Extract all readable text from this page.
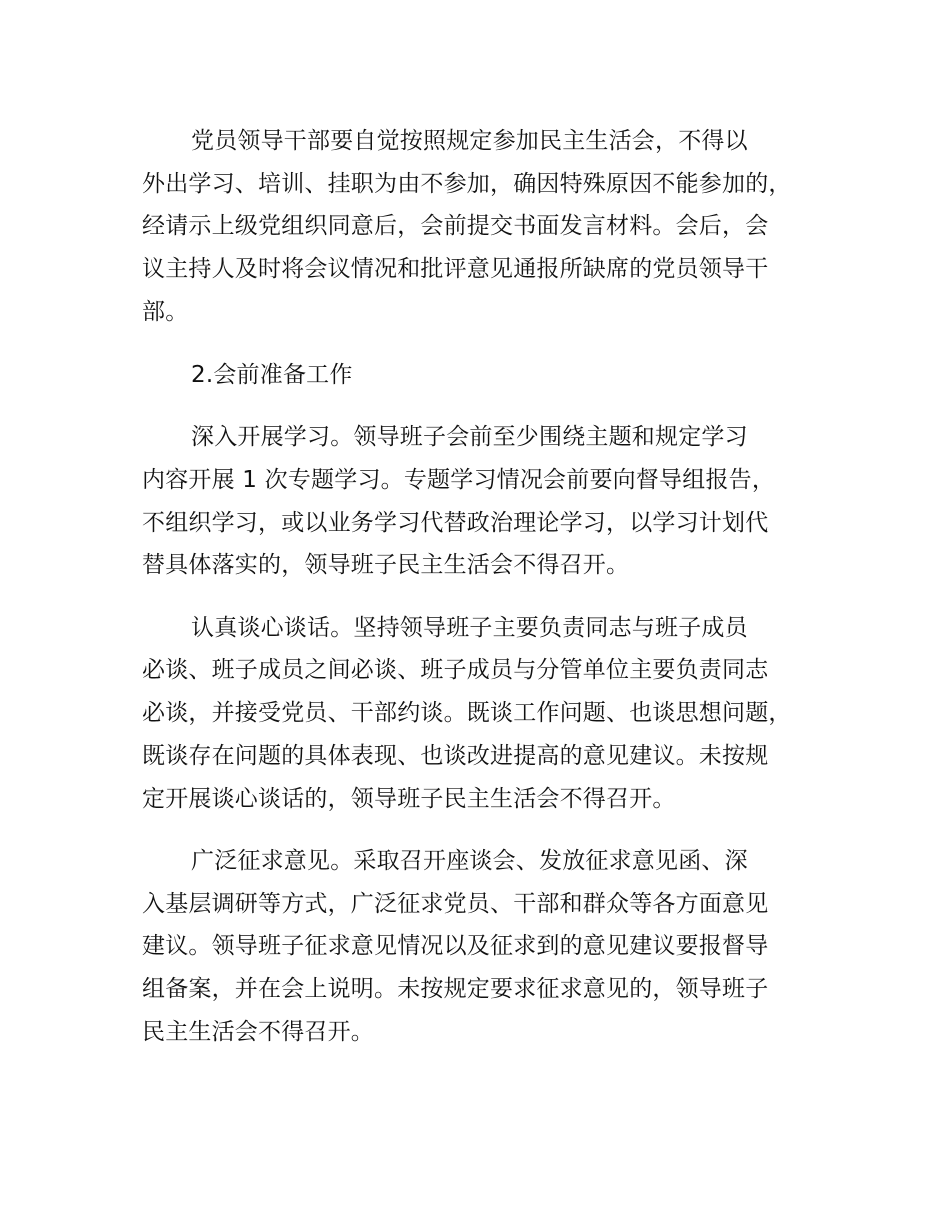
党员领导干部要自觉按照规定参加民主生活会，不得以

外出学习、培训、挂职为由不参加，确因特殊原因不能参加的，

经请示上级党组织同意后，会前提交书面发言材料。会后，会

议主持人及时将会议情况和批评意见通报所缺席的党员领导干

部。

2.会前准备工作

深入开展学习。领导班子会前至少围绕主题和规定学习

内容开展 1 次专题学习。专题学习情况会前要向督导组报告，

不组织学习，或以业务学习代替政治理论学习，以学习计划代

替具体落实的，领导班子民主生活会不得召开。

认真谈心谈话。坚持领导班子主要负责同志与班子成员

必谈、班子成员之间必谈、班子成员与分管单位主要负责同志

必谈，并接受党员、干部约谈。既谈工作问题、也谈思想问题，

既谈存在问题的具体表现、也谈改进提高的意见建议。未按规

定开展谈心谈话的，领导班子民主生活会不得召开。

广泛征求意见。采取召开座谈会、发放征求意见函、深

入基层调研等方式，广泛征求党员、干部和群众等各方面意见

建议。领导班子征求意见情况以及征求到的意见建议要报督导

组备案，并在会上说明。未按规定要求征求意见的，领导班子

民主生活会不得召开。
